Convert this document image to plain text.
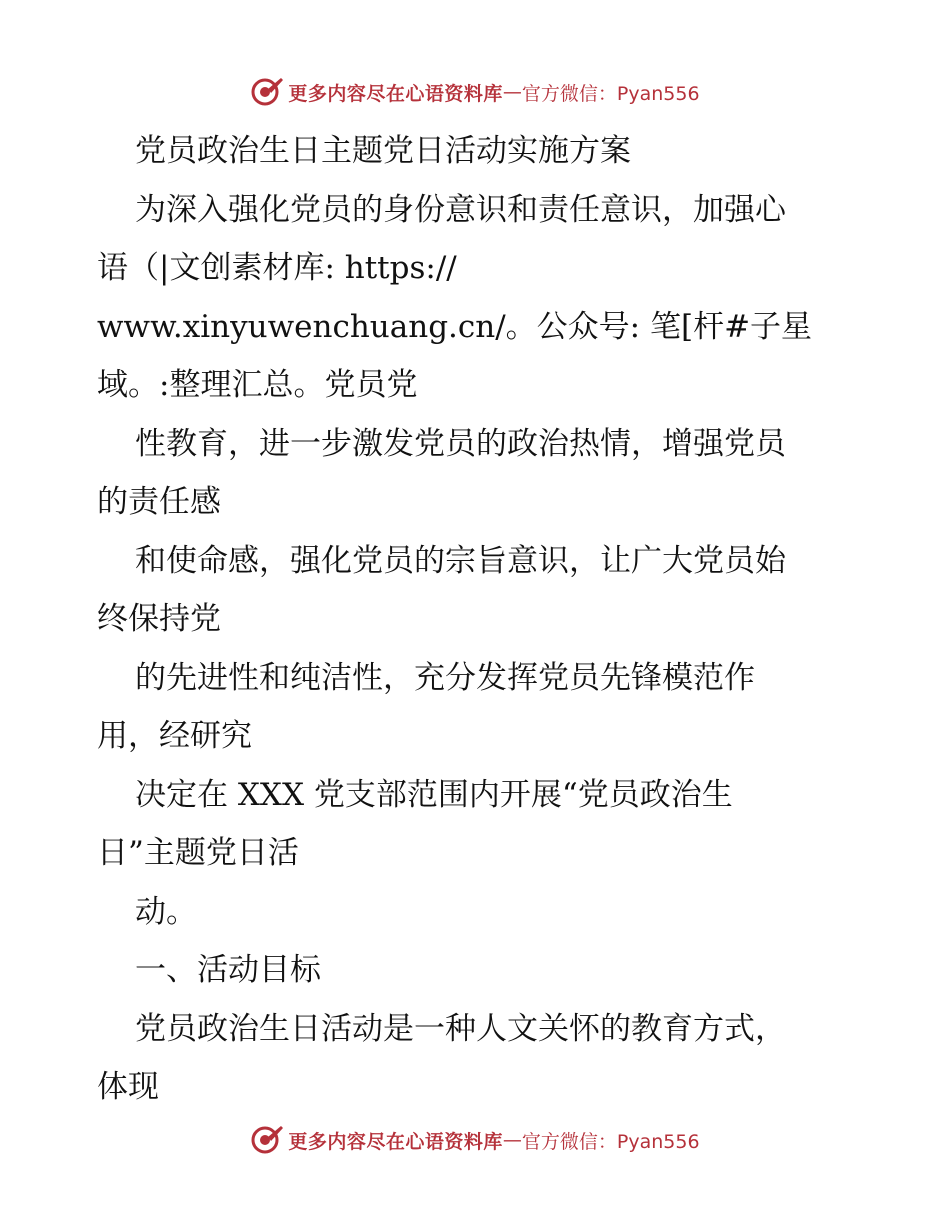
更多内容尽在心语资料库 — 官方微信：Pyan556
党员政治生日主题党日活动实施方案
为深入强化党员的身份意识和责任意识，加强心
语（|文创素材库: https://
www.xinyuwenchuang.cn/。公众号: 笔[杆#子星
域。:整理汇总。党员党
性教育，进一步激发党员的政治热情，增强党员
的责任感
和使命感，强化党员的宗旨意识，让广大党员始
终保持党
的先进性和纯洁性，充分发挥党员先锋模范作
用，经研究
决定在 XXX 党支部范围内开展“党员政治生
日”主题党日活
动。
一、活动目标
党员政治生日活动是一种人文关怀的教育方式，
体现
更多内容尽在心语资料库 — 官方微信：Pyan556
